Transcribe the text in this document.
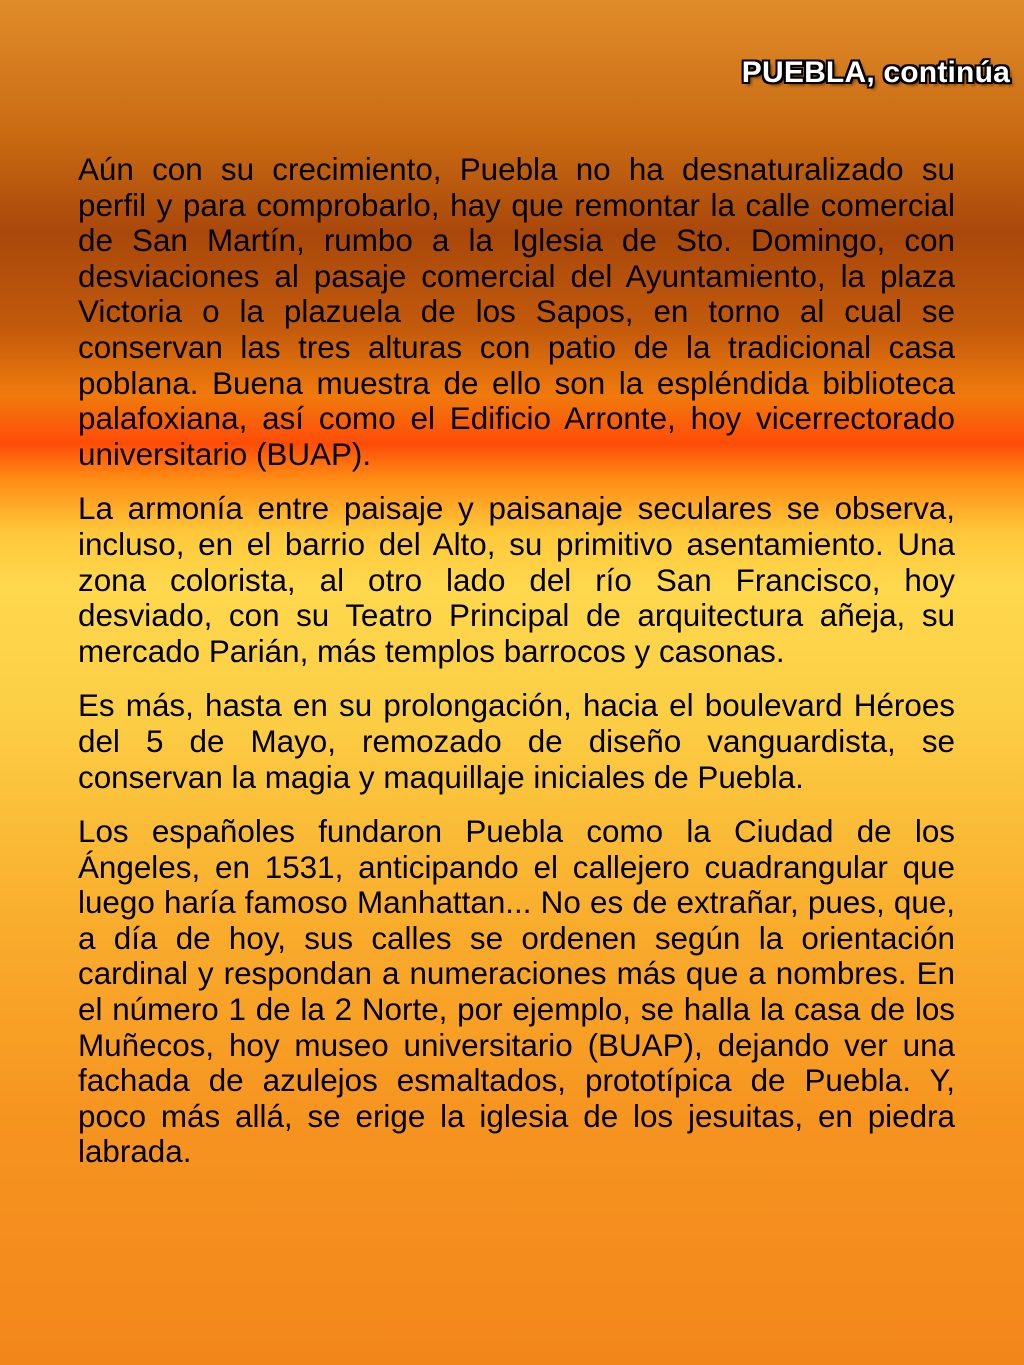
PUEBLA, continúa

Aún con su crecimiento, Puebla no ha desnaturalizado su perfil y para comprobarlo, hay que remontar la calle comercial de San Martín, rumbo a la Iglesia de Sto. Domingo, con desviaciones al pasaje comercial del Ayuntamiento, la plaza Victoria o la plazuela de los Sapos, en torno al cual se conservan las tres alturas con patio de la tradicional casa poblana. Buena muestra de ello son la espléndida biblioteca palafoxiana, así como el Edificio Arronte, hoy vicerrectorado universitario (BUAP).

La armonía entre paisaje y paisanaje seculares se observa, incluso, en el barrio del Alto, su primitivo asentamiento. Una zona colorista, al otro lado del río San Francisco, hoy desviado, con su Teatro Principal de arquitectura añeja, su mercado Parián, más templos barrocos y casonas.

Es más, hasta en su prolongación, hacia el boulevard Héroes del 5 de Mayo, remozado de diseño vanguardista, se conservan la magia y maquillaje iniciales de Puebla.

Los españoles fundaron Puebla como la Ciudad de los Ángeles, en 1531, anticipando el callejero cuadrangular que luego haría famoso Manhattan... No es de extrañar, pues, que, a día de hoy, sus calles se ordenen según la orientación cardinal y respondan a numeraciones más que a nombres. En el número 1 de la 2 Norte, por ejemplo, se halla la casa de los Muñecos, hoy museo universitario (BUAP), dejando ver una fachada de azulejos esmaltados, prototípica de Puebla. Y, poco más allá, se erige la iglesia de los jesuitas, en piedra labrada.
